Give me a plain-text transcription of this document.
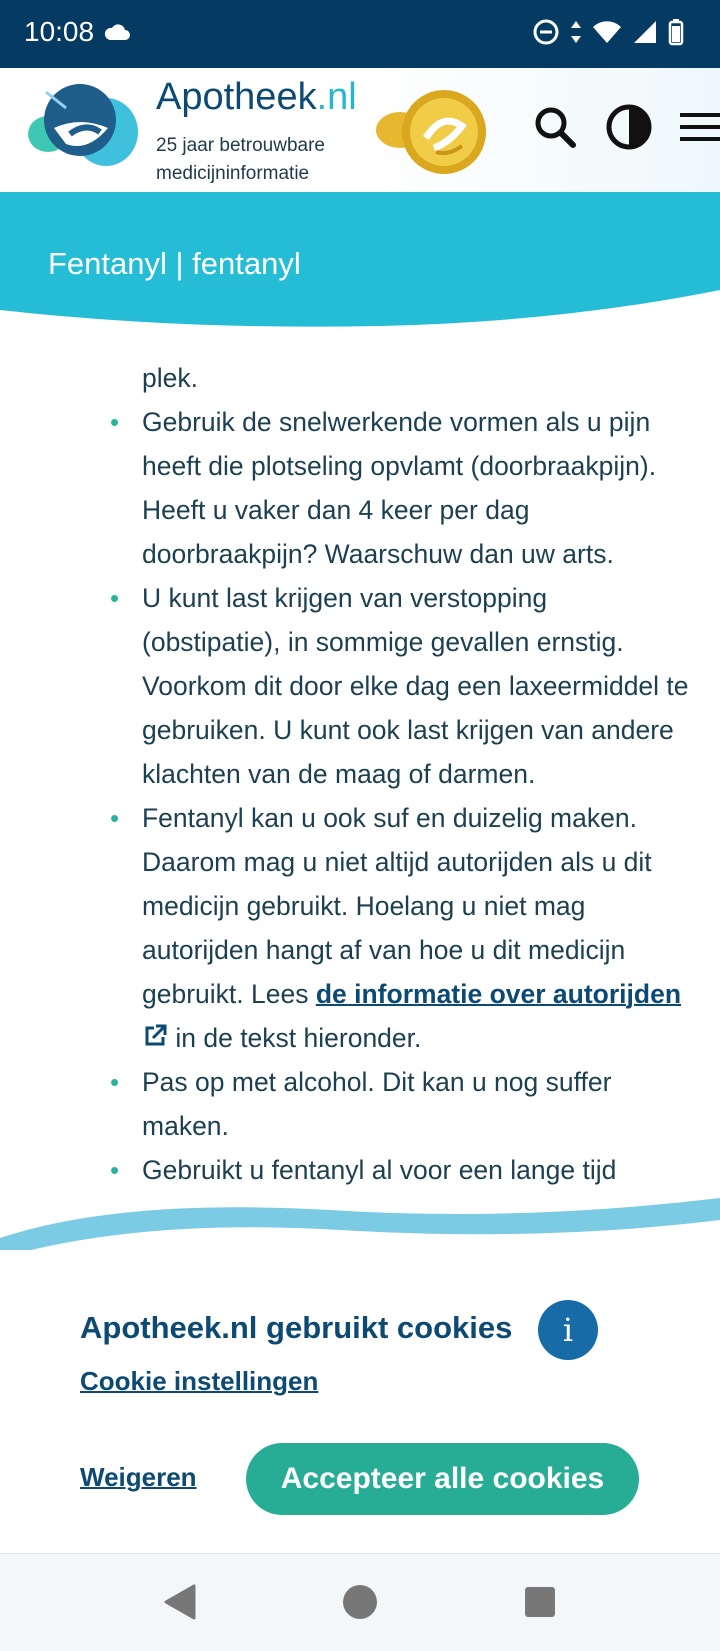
10:08
Apotheek.nl
25 jaar betrouwbare
medicijninformatie
Fentanyl | fentanyl
plek.
• Gebruik de snelwerkende vormen als u pijn heeft die plotseling opvlamt (doorbraakpijn). Heeft u vaker dan 4 keer per dag doorbraakpijn? Waarschuw dan uw arts.
• U kunt last krijgen van verstopping (obstipatie), in sommige gevallen ernstig. Voorkom dit door elke dag een laxeermiddel te gebruiken. U kunt ook last krijgen van andere klachten van de maag of darmen.
• Fentanyl kan u ook suf en duizelig maken. Daarom mag u niet altijd autorijden als u dit medicijn gebruikt. Hoelang u niet mag autorijden hangt af van hoe u dit medicijn gebruikt. Lees de informatie over autorijden  in de tekst hieronder.
• Pas op met alcohol. Dit kan u nog suffer maken.
• Gebruikt u fentanyl al voor een lange tijd
Apotheek.nl gebruikt cookies i
Cookie instellingen
Weigeren	Accepteer alle cookies
